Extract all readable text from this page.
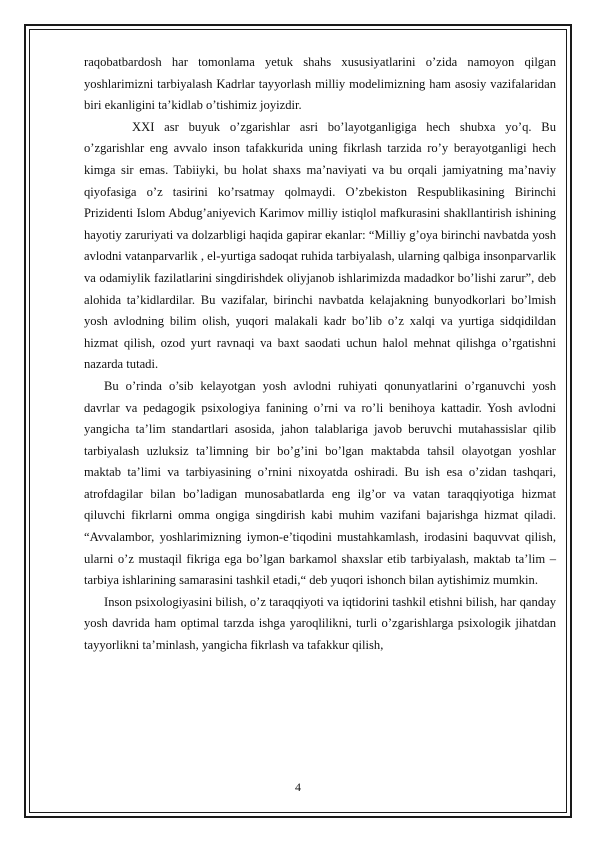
raqobatbardosh har tomonlama yetuk shahs xususiyatlarini o’zida namoyon qilgan yoshlarimizni tarbiyalash Kadrlar tayyorlash milliy modelimizning ham asosiy vazifalaridan biri ekanligini ta’kidlab o’tishimiz joyizdir.

XXI asr buyuk o’zgarishlar asri bo’layotganligiga hech shubxa yo’q. Bu o’zgarishlar eng avvalo inson tafakkurida uning fikrlash tarzida ro’y berayotganligi hech kimga sir emas. Tabiiyki, bu holat shaxs ma’naviyati va bu orqali jamiyatning ma’naviy qiyofasiga o’z tasirini ko’rsatmay qolmaydi. O’zbekiston Respublikasining Birinchi Prizidenti Islom Abdug’aniyevich Karimov milliy istiqlol mafkurasini shakllantirish ishining hayotiy zaruriyati va dolzarbligi haqida gapirar ekanlar: “Milliy g’oya birinchi navbatda yosh avlodni vatanparvarlik , el-yurtiga sadoqat ruhida tarbiyalash, ularning qalbiga insonparvarlik va odamiylik fazilatlarini singdirishdek oliyjanob ishlarimizda madadkor bo’lishi zarur”, deb alohida ta’kidlardilar. Bu vazifalar, birinchi navbatda kelajakning bunyodkorlari bo’lmish yosh avlodning bilim olish, yuqori malakali kadr bo’lib o’z xalqi va yurtiga sidqidildan hizmat qilish, ozod yurt ravnaqi va baxt saodati uchun halol mehnat qilishga o’rgatishni nazarda tutadi.

Bu o’rinda o’sib kelayotgan yosh avlodni ruhiyati qonunyatlarini o’rganuvchi yosh davrlar va pedagogik psixologiya fanining o’rni va ro’li benihoya kattadir. Yosh avlodni yangicha ta’lim standartlari asosida, jahon talablariga javob beruvchi mutahassislar qilib tarbiyalash uzluksiz ta’limning bir bo’g’ini bo’lgan maktabda tahsil olayotgan yoshlar maktab ta’limi va tarbiyasining o’rnini nixoyatda oshiradi. Bu ish esa o’zidan tashqari, atrofdagilar bilan bo’ladigan munosabatlarda eng ilg’or va vatan taraqqiyotiga hizmat qiluvchi fikrlarni omma ongiga singdirish kabi muhim vazifani bajarishga hizmat qiladi. “Avvalambor, yoshlarimizning iymon-e’tiqodini mustahkamlash, irodasini baquvvat qilish, ularni o’z mustaqil fikriga ega bo’lgan barkamol shaxslar etib tarbiyalash, maktab ta’lim – tarbiya ishlarining samarasini tashkil etadi,“ deb yuqori ishonch bilan aytishimiz mumkin.

Inson psixologiyasini bilish, o’z taraqqiyoti va iqtidorini tashkil etishni bilish, har qanday yosh davrida ham optimal tarzda ishga yaroqlilikni, turli o’zgarishlarga psixologik jihatdan tayyorlikni ta’minlash, yangicha fikrlash va tafakkur qilish,

4
